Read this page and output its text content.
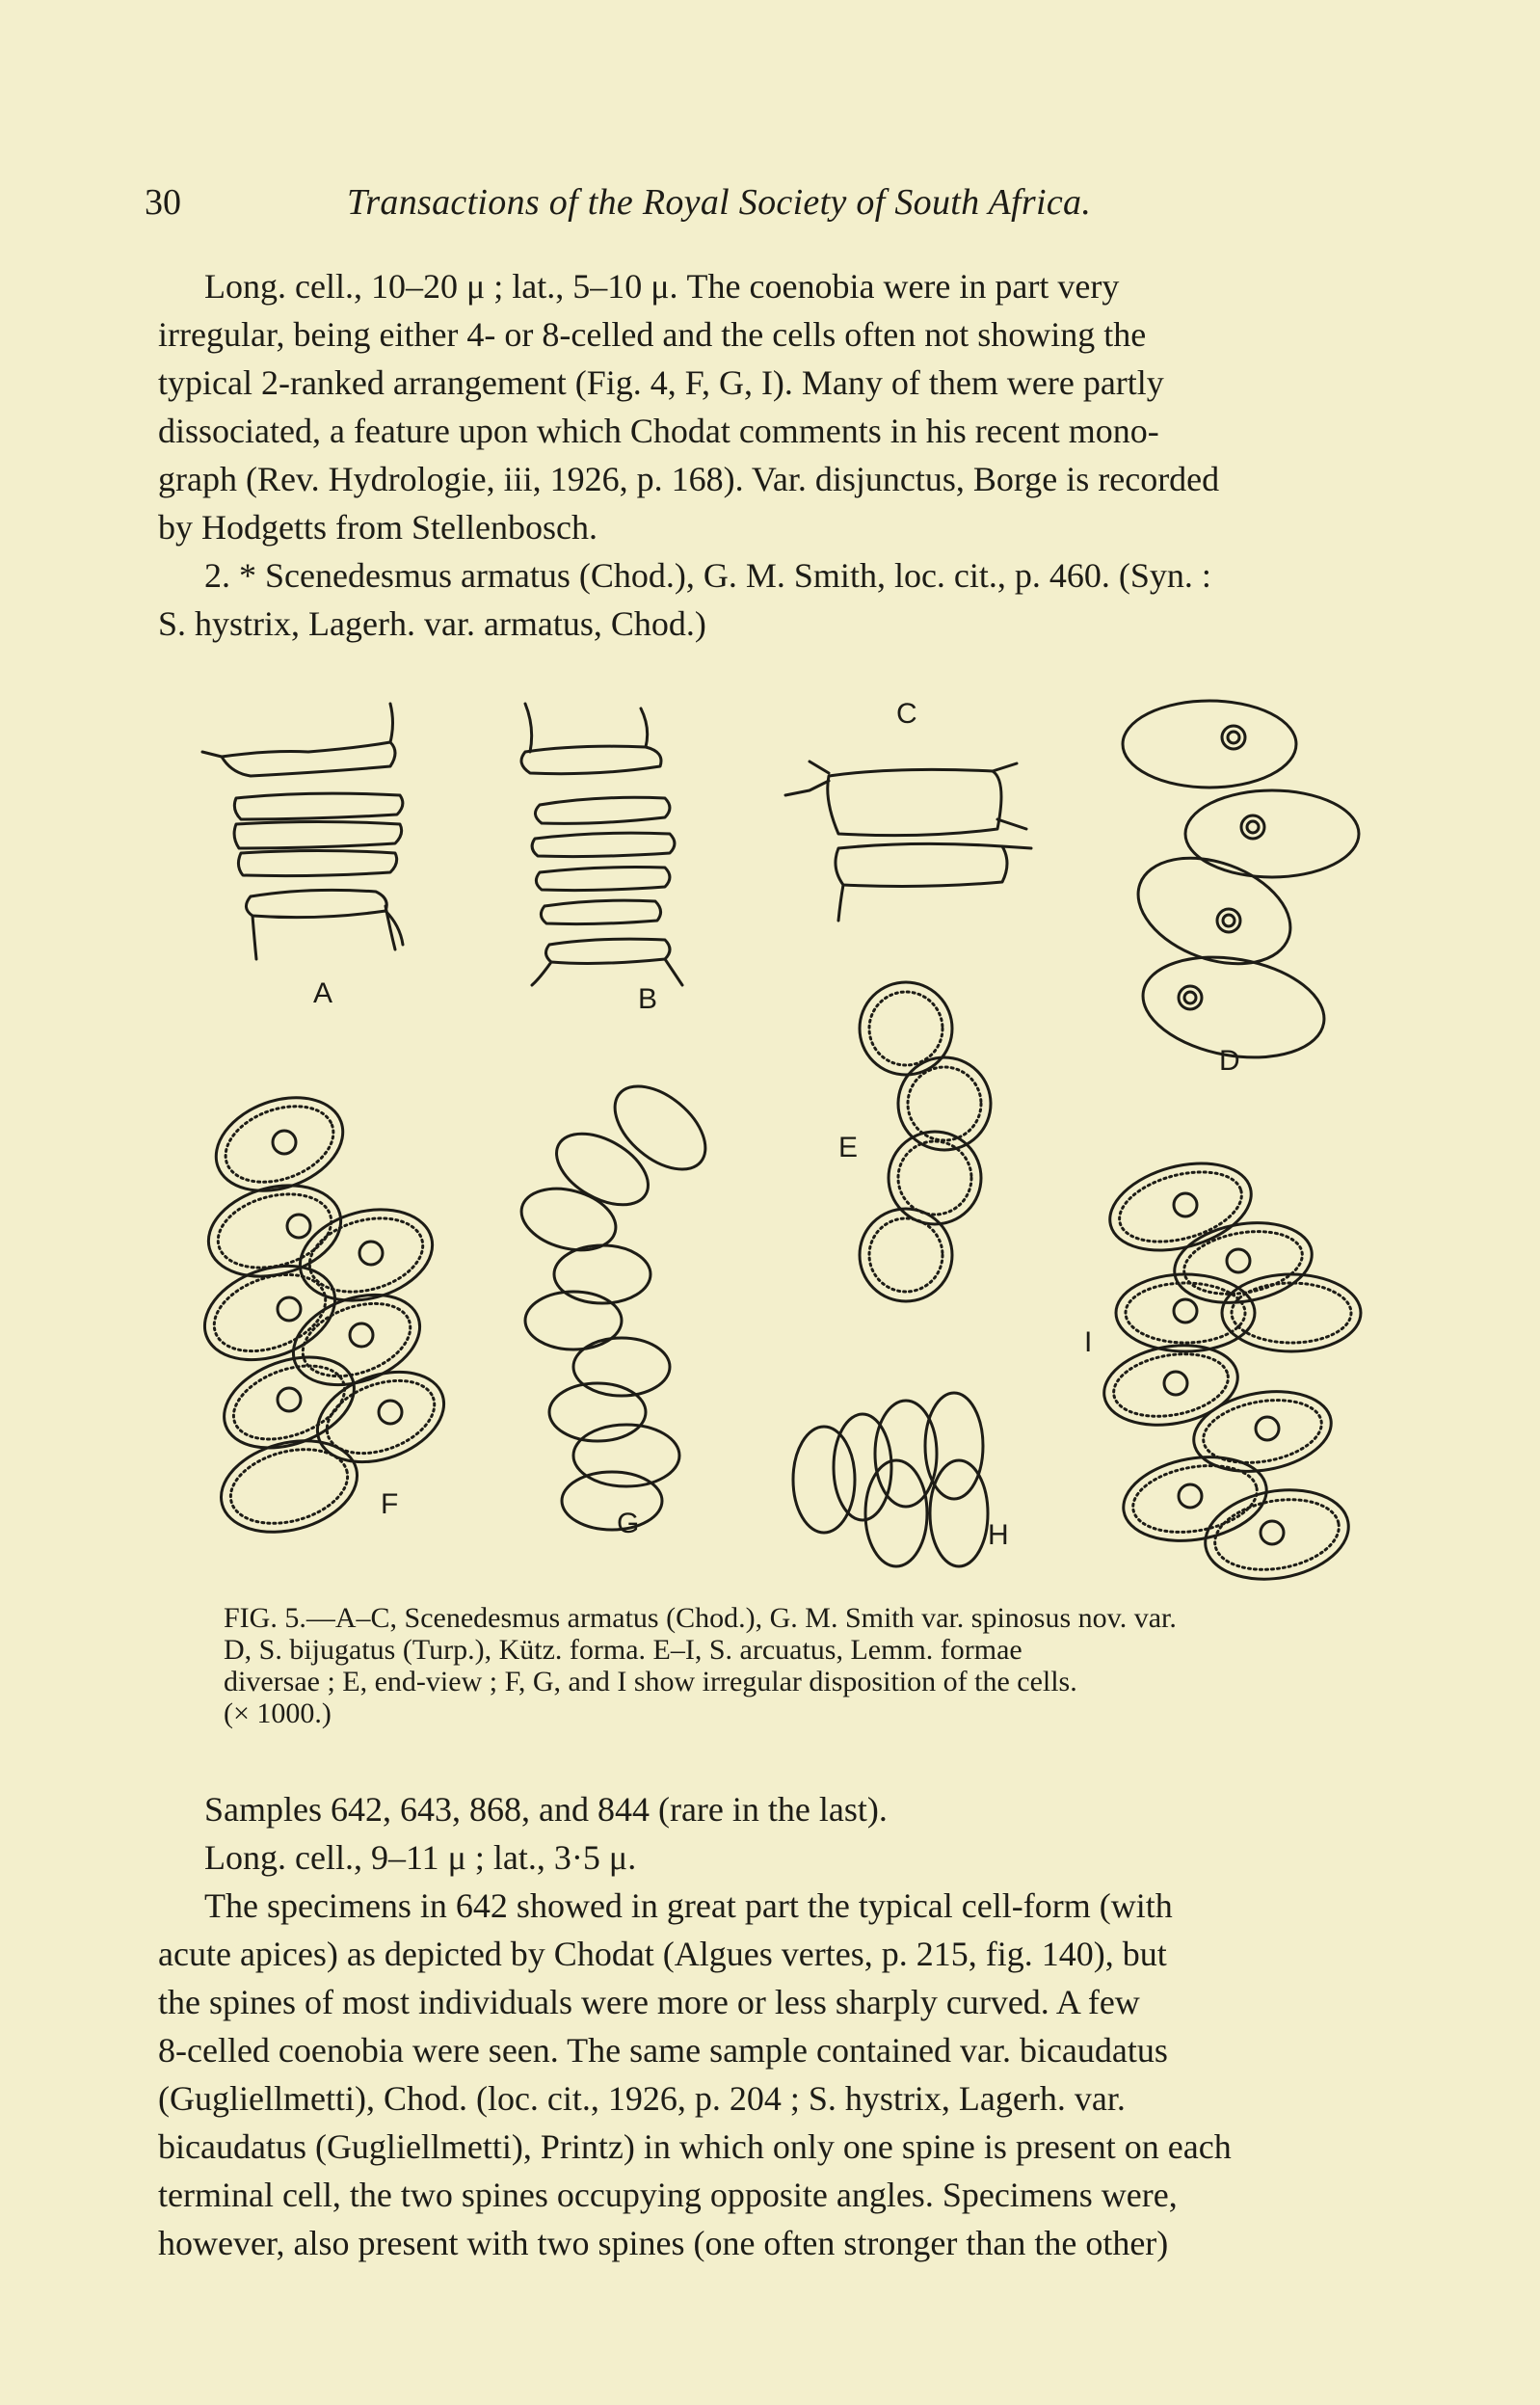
30	Transactions of the Royal Society of South Africa.

Long. cell., 10–20 μ ; lat., 5–10 μ. The coenobia were in part very
irregular, being either 4- or 8-celled and the cells often not showing the
typical 2-ranked arrangement (Fig. 4, F, G, I). Many of them were partly
dissociated, a feature upon which Chodat comments in his recent mono-
graph (Rev. Hydrologie, iii, 1926, p. 168). Var. disjunctus, Borge is recorded
by Hodgetts from Stellenbosch.

2. * Scenedesmus armatus (Chod.), G. M. Smith, loc. cit., p. 460. (Syn. :
S. hystrix, Lagerh. var. armatus, Chod.)

A	B
C
D
E
F
G	H
I
FIG. 5.—A–C, Scenedesmus armatus (Chod.), G. M. Smith var. spinosus nov. var.
D, S. bijugatus (Turp.), Kütz. forma. E–I, S. arcuatus, Lemm. formae
diversae ; E, end-view ; F, G, and I show irregular disposition of the cells.
(× 1000.)

Samples 642, 643, 868, and 844 (rare in the last).

Long. cell., 9–11 μ ; lat., 3·5 μ.

The specimens in 642 showed in great part the typical cell-form (with
acute apices) as depicted by Chodat (Algues vertes, p. 215, fig. 140), but
the spines of most individuals were more or less sharply curved. A few
8-celled coenobia were seen. The same sample contained var. bicaudatus
(Gugliellmetti), Chod. (loc. cit., 1926, p. 204 ; S. hystrix, Lagerh. var.
bicaudatus (Gugliellmetti), Printz) in which only one spine is present on each
terminal cell, the two spines occupying opposite angles. Specimens were,
however, also present with two spines (one often stronger than the other)
